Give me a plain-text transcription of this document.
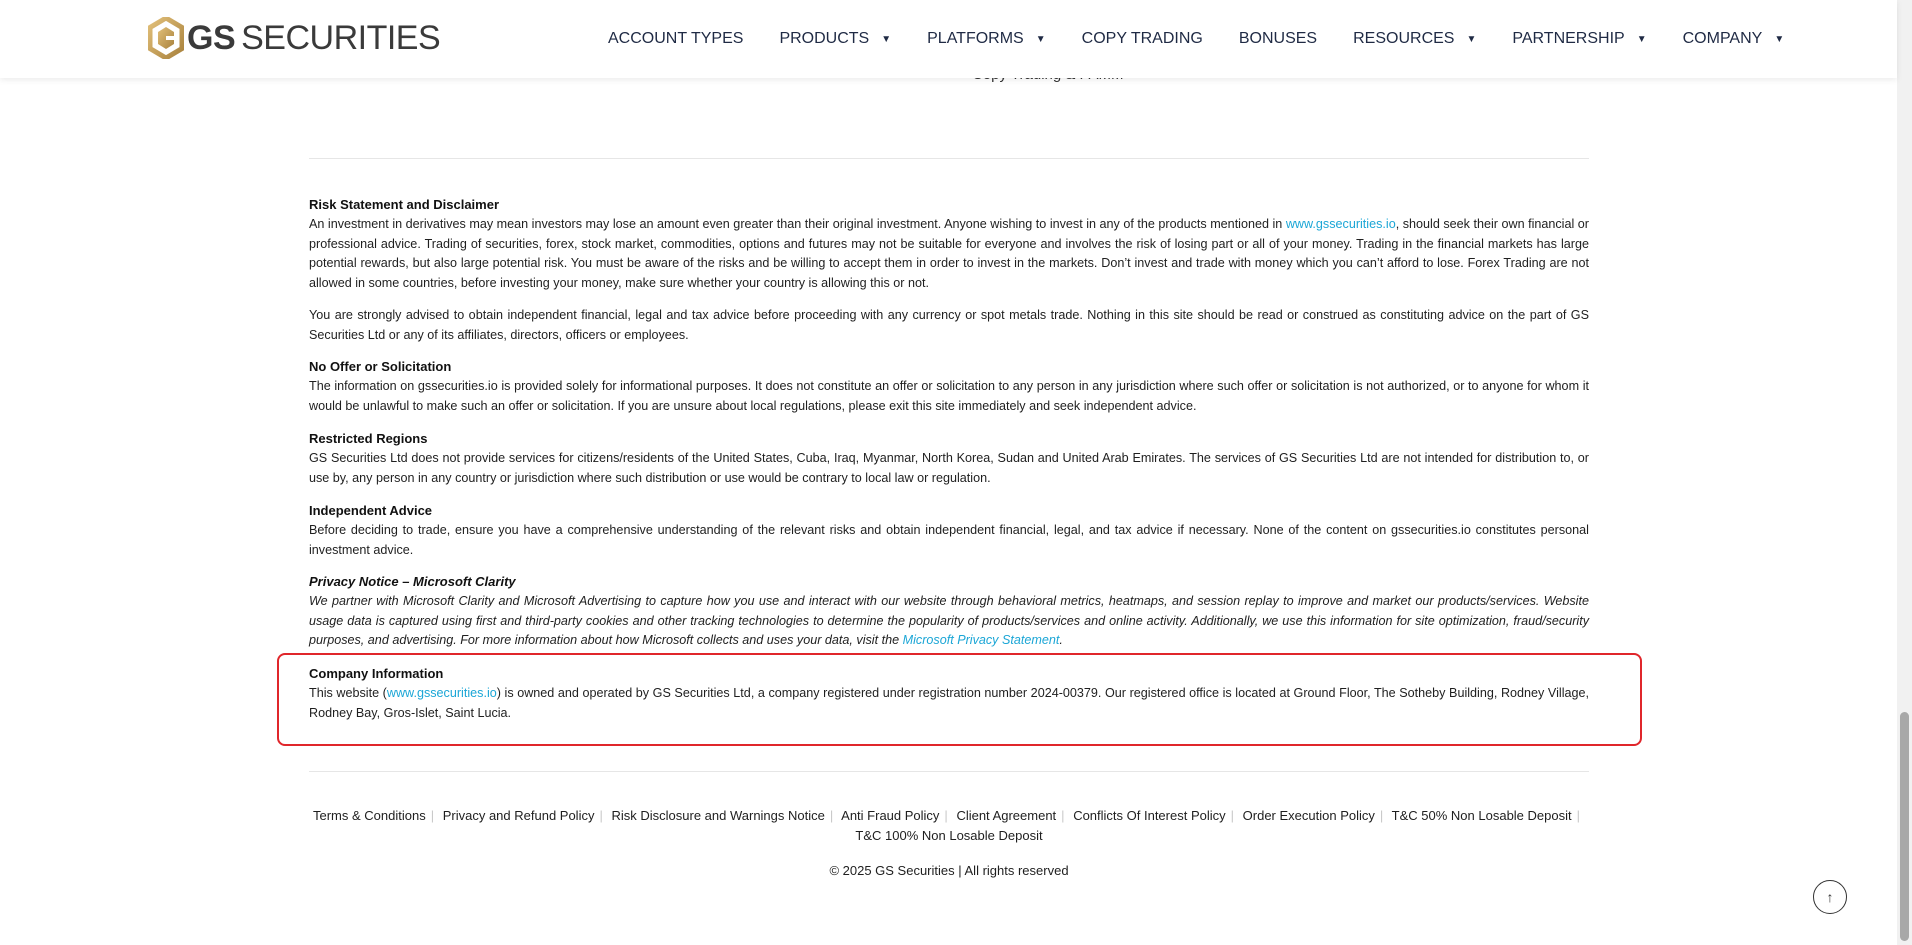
GS SECURITIES	ACCOUNT TYPES PRODUCTS ▼ PLATFORMS ▼ COPY TRADING BONUSES RESOURCES ▼ PARTNERSHIP ▼ COMPANY ▼
Risk Statement and Disclaimer

An investment in derivatives may mean investors may lose an amount even greater than their original investment. Anyone wishing to invest in any of the products mentioned in www.gssecurities.io, should seek their own financial or professional advice. Trading of securities, forex, stock market, commodities, options and futures may not be suitable for everyone and involves the risk of losing part or all of your money. Trading in the financial markets has large potential rewards, but also large potential risk. You must be aware of the risks and be willing to accept them in order to invest in the markets. Don’t invest and trade with money which you can’t afford to lose. Forex Trading are not allowed in some countries, before investing your money, make sure whether your country is allowing this or not.

You are strongly advised to obtain independent financial, legal and tax advice before proceeding with any currency or spot metals trade. Nothing in this site should be read or construed as constituting advice on the part of GS Securities Ltd or any of its affiliates, directors, officers or employees.

No Offer or Solicitation

The information on gssecurities.io is provided solely for informational purposes. It does not constitute an offer or solicitation to any person in any jurisdiction where such offer or solicitation is not authorized, or to anyone for whom it would be unlawful to make such an offer or solicitation. If you are unsure about local regulations, please exit this site immediately and seek independent advice.

Restricted Regions

GS Securities Ltd does not provide services for citizens/residents of the United States, Cuba, Iraq, Myanmar, North Korea, Sudan and United Arab Emirates. The services of GS Securities Ltd are not intended for distribution to, or use by, any person in any country or jurisdiction where such distribution or use would be contrary to local law or regulation.

Independent Advice

Before deciding to trade, ensure you have a comprehensive understanding of the relevant risks and obtain independent financial, legal, and tax advice if necessary. None of the content on gssecurities.io constitutes personal investment advice.

Privacy Notice – Microsoft Clarity

We partner with Microsoft Clarity and Microsoft Advertising to capture how you use and interact with our website through behavioral metrics, heatmaps, and session replay to improve and market our products/services. Website usage data is captured using first and third-party cookies and other tracking technologies to determine the popularity of products/services and online activity. Additionally, we use this information for site optimization, fraud/security purposes, and advertising. For more information about how Microsoft collects and uses your data, visit the Microsoft Privacy Statement.

Company Information

This website (www.gssecurities.io) is owned and operated by GS Securities Ltd, a company registered under registration number 2024-00379. Our registered office is located at Ground Floor, The Sotheby Building, Rodney Village, Rodney Bay, Gros-Islet, Saint Lucia.

Terms & Conditions | Privacy and Refund Policy | Risk Disclosure and Warnings Notice | Anti Fraud Policy | Client Agreement | Conflicts Of Interest Policy | Order Execution Policy | T&C 50% Non Losable Deposit |
T&C 100% Non Losable Deposit
© 2025 GS Securities | All rights reserved
↑
